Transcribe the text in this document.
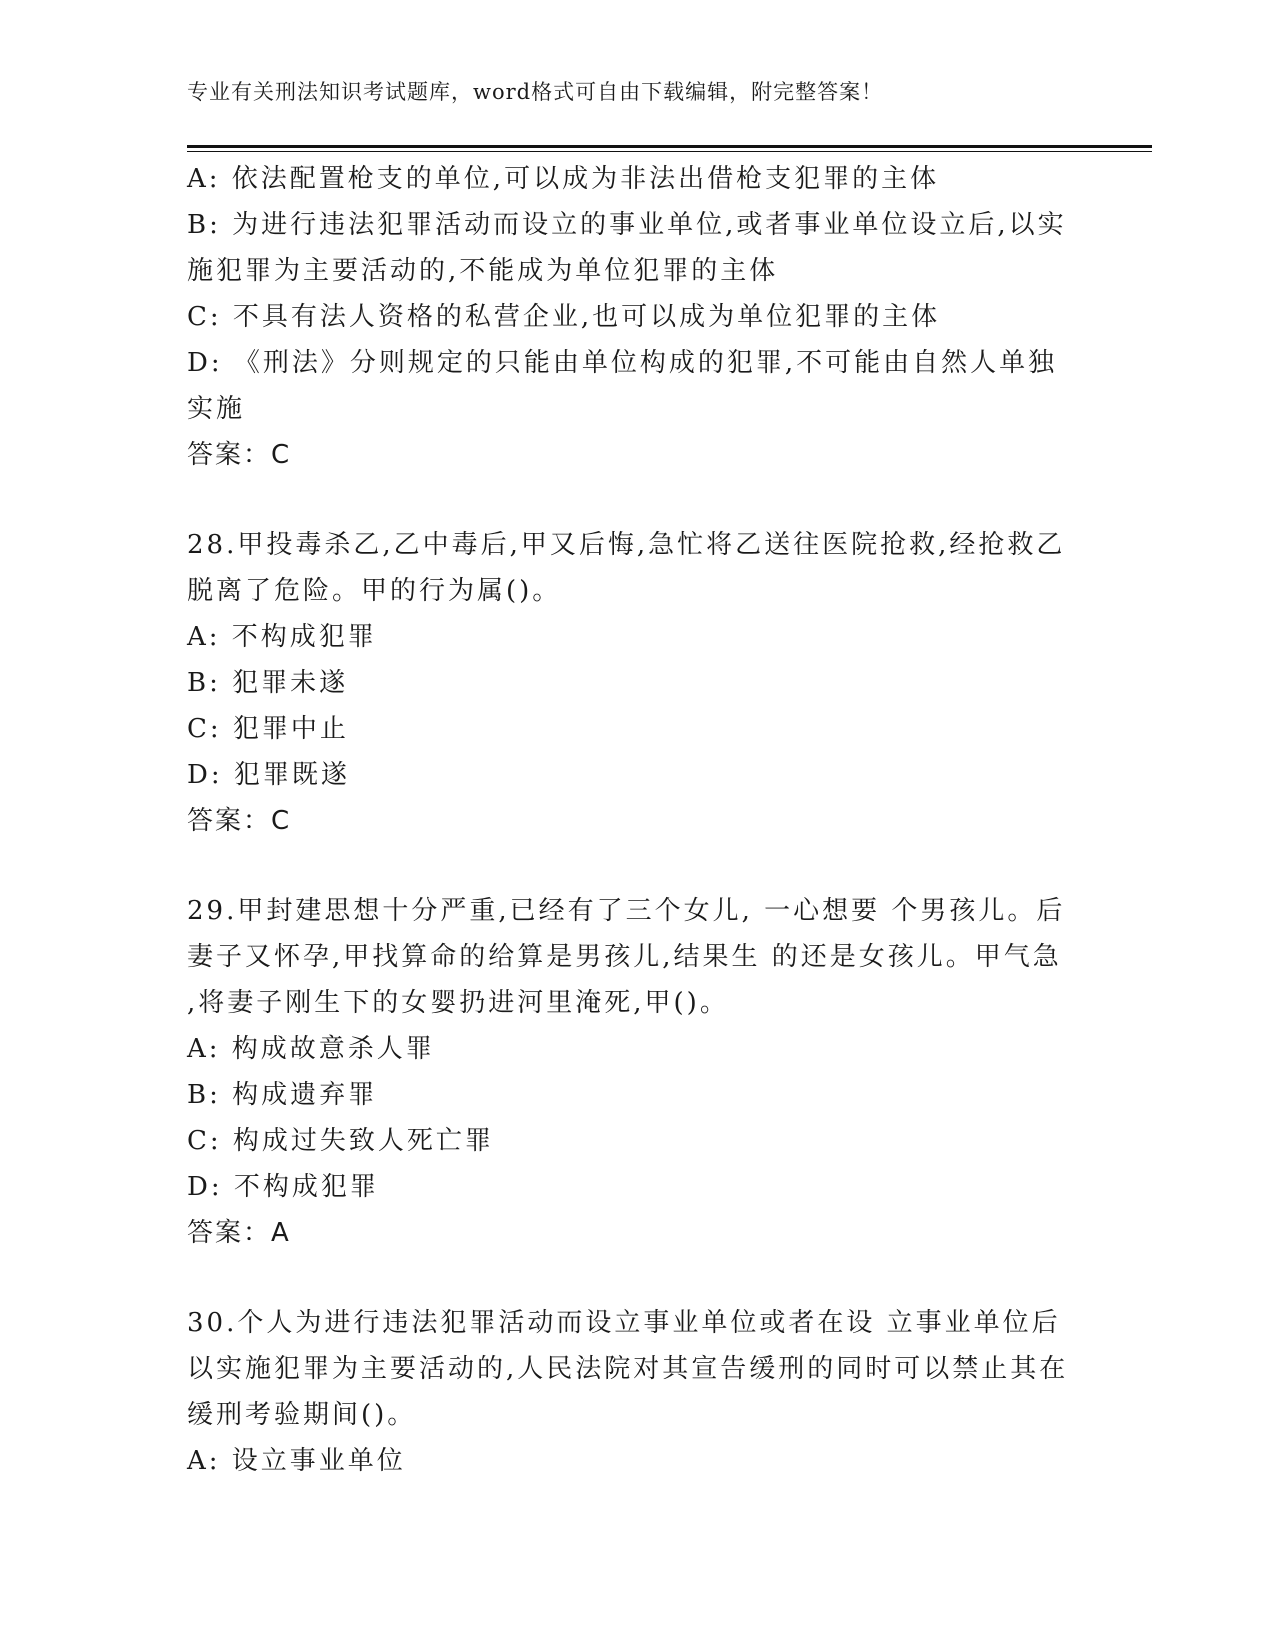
专业有关刑法知识考试题库，word格式可自由下载编辑，附完整答案！
A: 依法配置枪支的单位,可以成为非法出借枪支犯罪的主体
B: 为进行违法犯罪活动而设立的事业单位,或者事业单位设立后,以实
施犯罪为主要活动的,不能成为单位犯罪的主体
C: 不具有法人资格的私营企业,也可以成为单位犯罪的主体
D: 《刑法》分则规定的只能由单位构成的犯罪,不可能由自然人单独
实施
答案：C
28.甲投毒杀乙,乙中毒后,甲又后悔,急忙将乙送往医院抢救,经抢救乙
脱离了危险。甲的行为属()。
A: 不构成犯罪
B: 犯罪未遂
C: 犯罪中止
D: 犯罪既遂
答案：C
29.甲封建思想十分严重,已经有了三个女儿, 一心想要 个男孩儿。后
妻子又怀孕,甲找算命的给算是男孩儿,结果生 的还是女孩儿。甲气急
,将妻子刚生下的女婴扔进河里淹死,甲()。
A: 构成故意杀人罪
B: 构成遗弃罪
C: 构成过失致人死亡罪
D: 不构成犯罪
答案：A
30.个人为进行违法犯罪活动而设立事业单位或者在设 立事业单位后
以实施犯罪为主要活动的,人民法院对其宣告缓刑的同时可以禁止其在
缓刑考验期间()。
A: 设立事业单位
